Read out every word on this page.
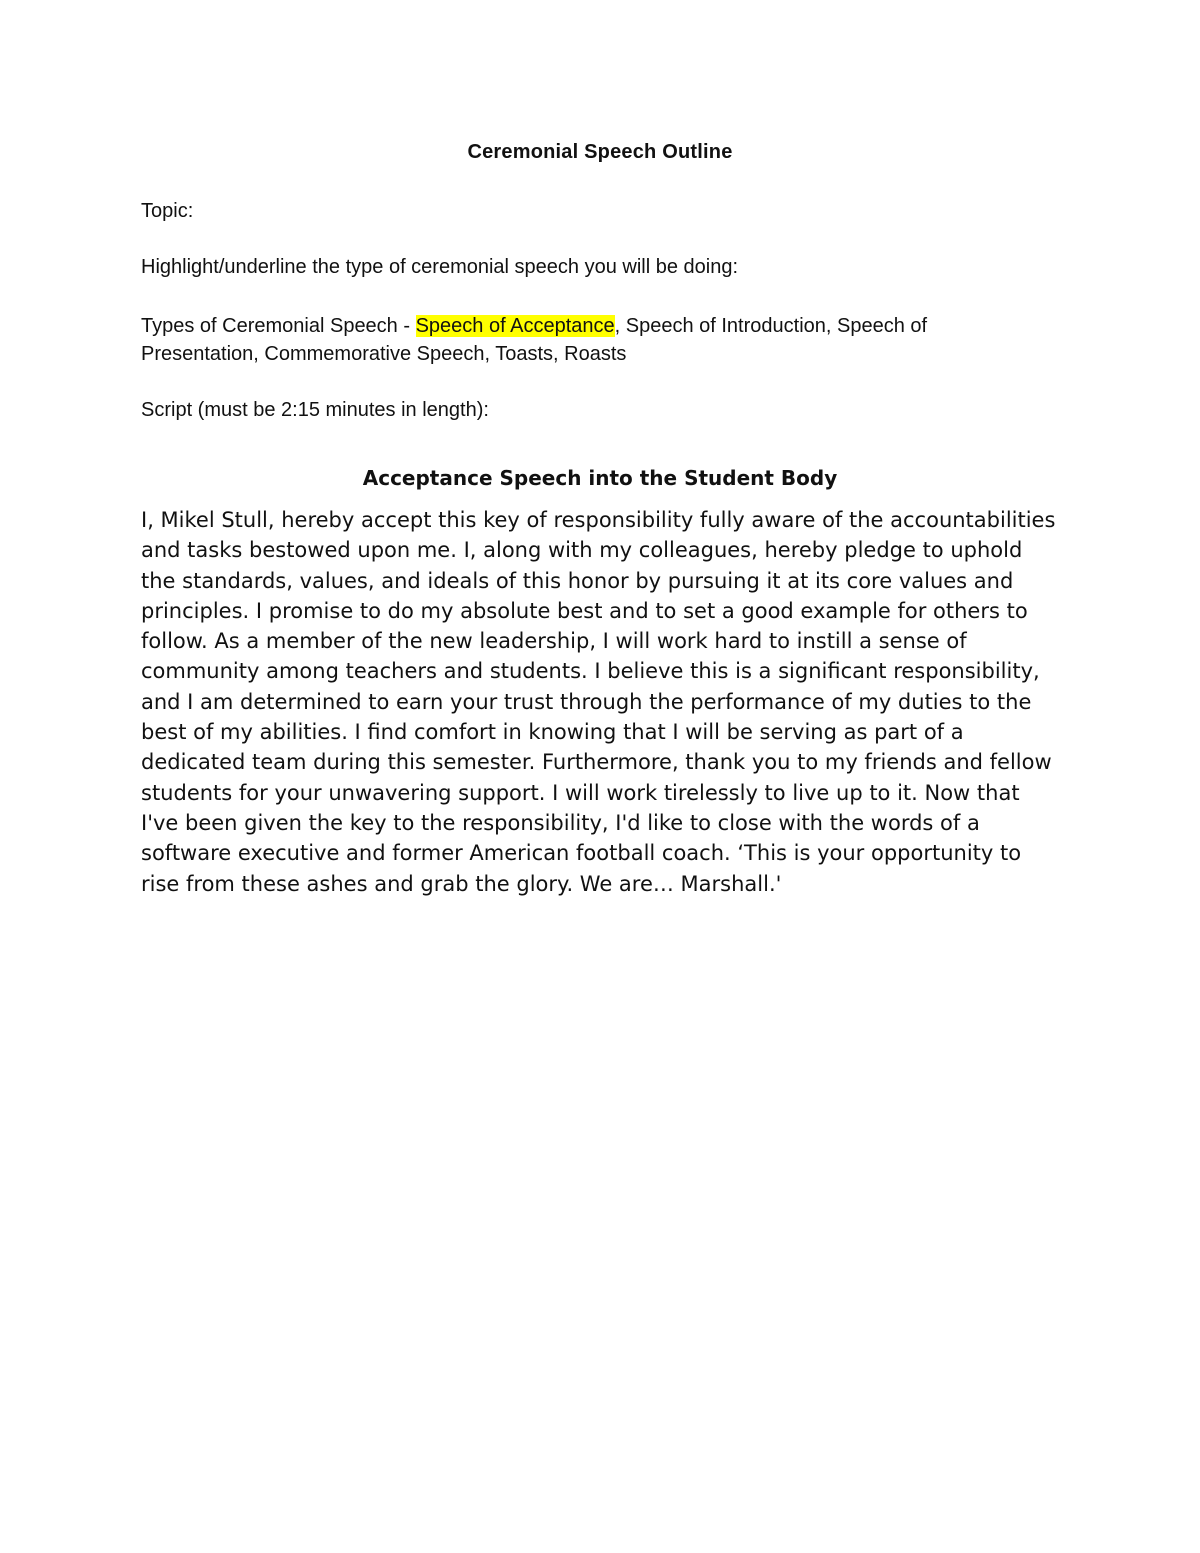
Ceremonial Speech Outline

Topic:

Highlight/underline the type of ceremonial speech you will be doing:

Types of Ceremonial Speech - Speech of Acceptance, Speech of Introduction, Speech of Presentation, Commemorative Speech, Toasts, Roasts

Script (must be 2:15 minutes in length):

Acceptance Speech into the Student Body

I, Mikel Stull, hereby accept this key of responsibility fully aware of the accountabilities and tasks bestowed upon me. I, along with my colleagues, hereby pledge to uphold the standards, values, and ideals of this honor by pursuing it at its core values and principles. I promise to do my absolute best and to set a good example for others to follow. As a member of the new leadership, I will work hard to instill a sense of community among teachers and students. I believe this is a significant responsibility, and I am determined to earn your trust through the performance of my duties to the best of my abilities. I find comfort in knowing that I will be serving as part of a dedicated team during this semester. Furthermore, thank you to my friends and fellow students for your unwavering support. I will work tirelessly to live up to it. Now that I've been given the key to the responsibility, I'd like to close with the words of a software executive and former American football coach. ‘This is your opportunity to rise from these ashes and grab the glory. We are… Marshall.'
